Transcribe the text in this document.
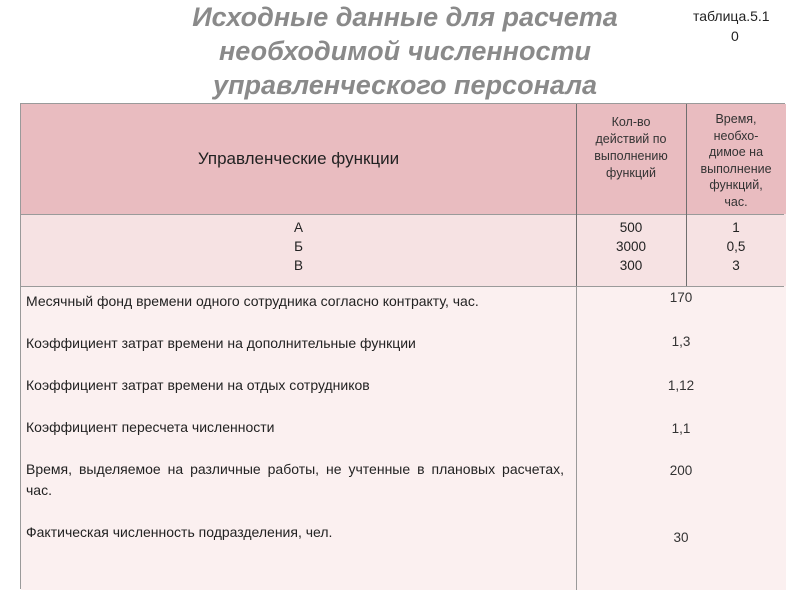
Исходные данные для расчета
необходимой численности
управленческого персонала
таблица.5.1
0
Управленческие функции
Кол-во
действий по
выполнению
функций
Время,
необхо-
димое на
выполнение
функций,
час.
А
Б
В
500
3000
300
1
0,5
3

Месячный фонд времени одного сотрудника согласно контракту, час.

Коэффициент затрат времени на дополнительные функции

Коэффициент затрат времени на отдых сотрудников

Коэффициент пересчета численности

Время, выделяемое на различные работы, не учтенные в плановых расчетах, час.

Фактическая численность подразделения, чел.

170
1,3
1,12
1,1
200
30
